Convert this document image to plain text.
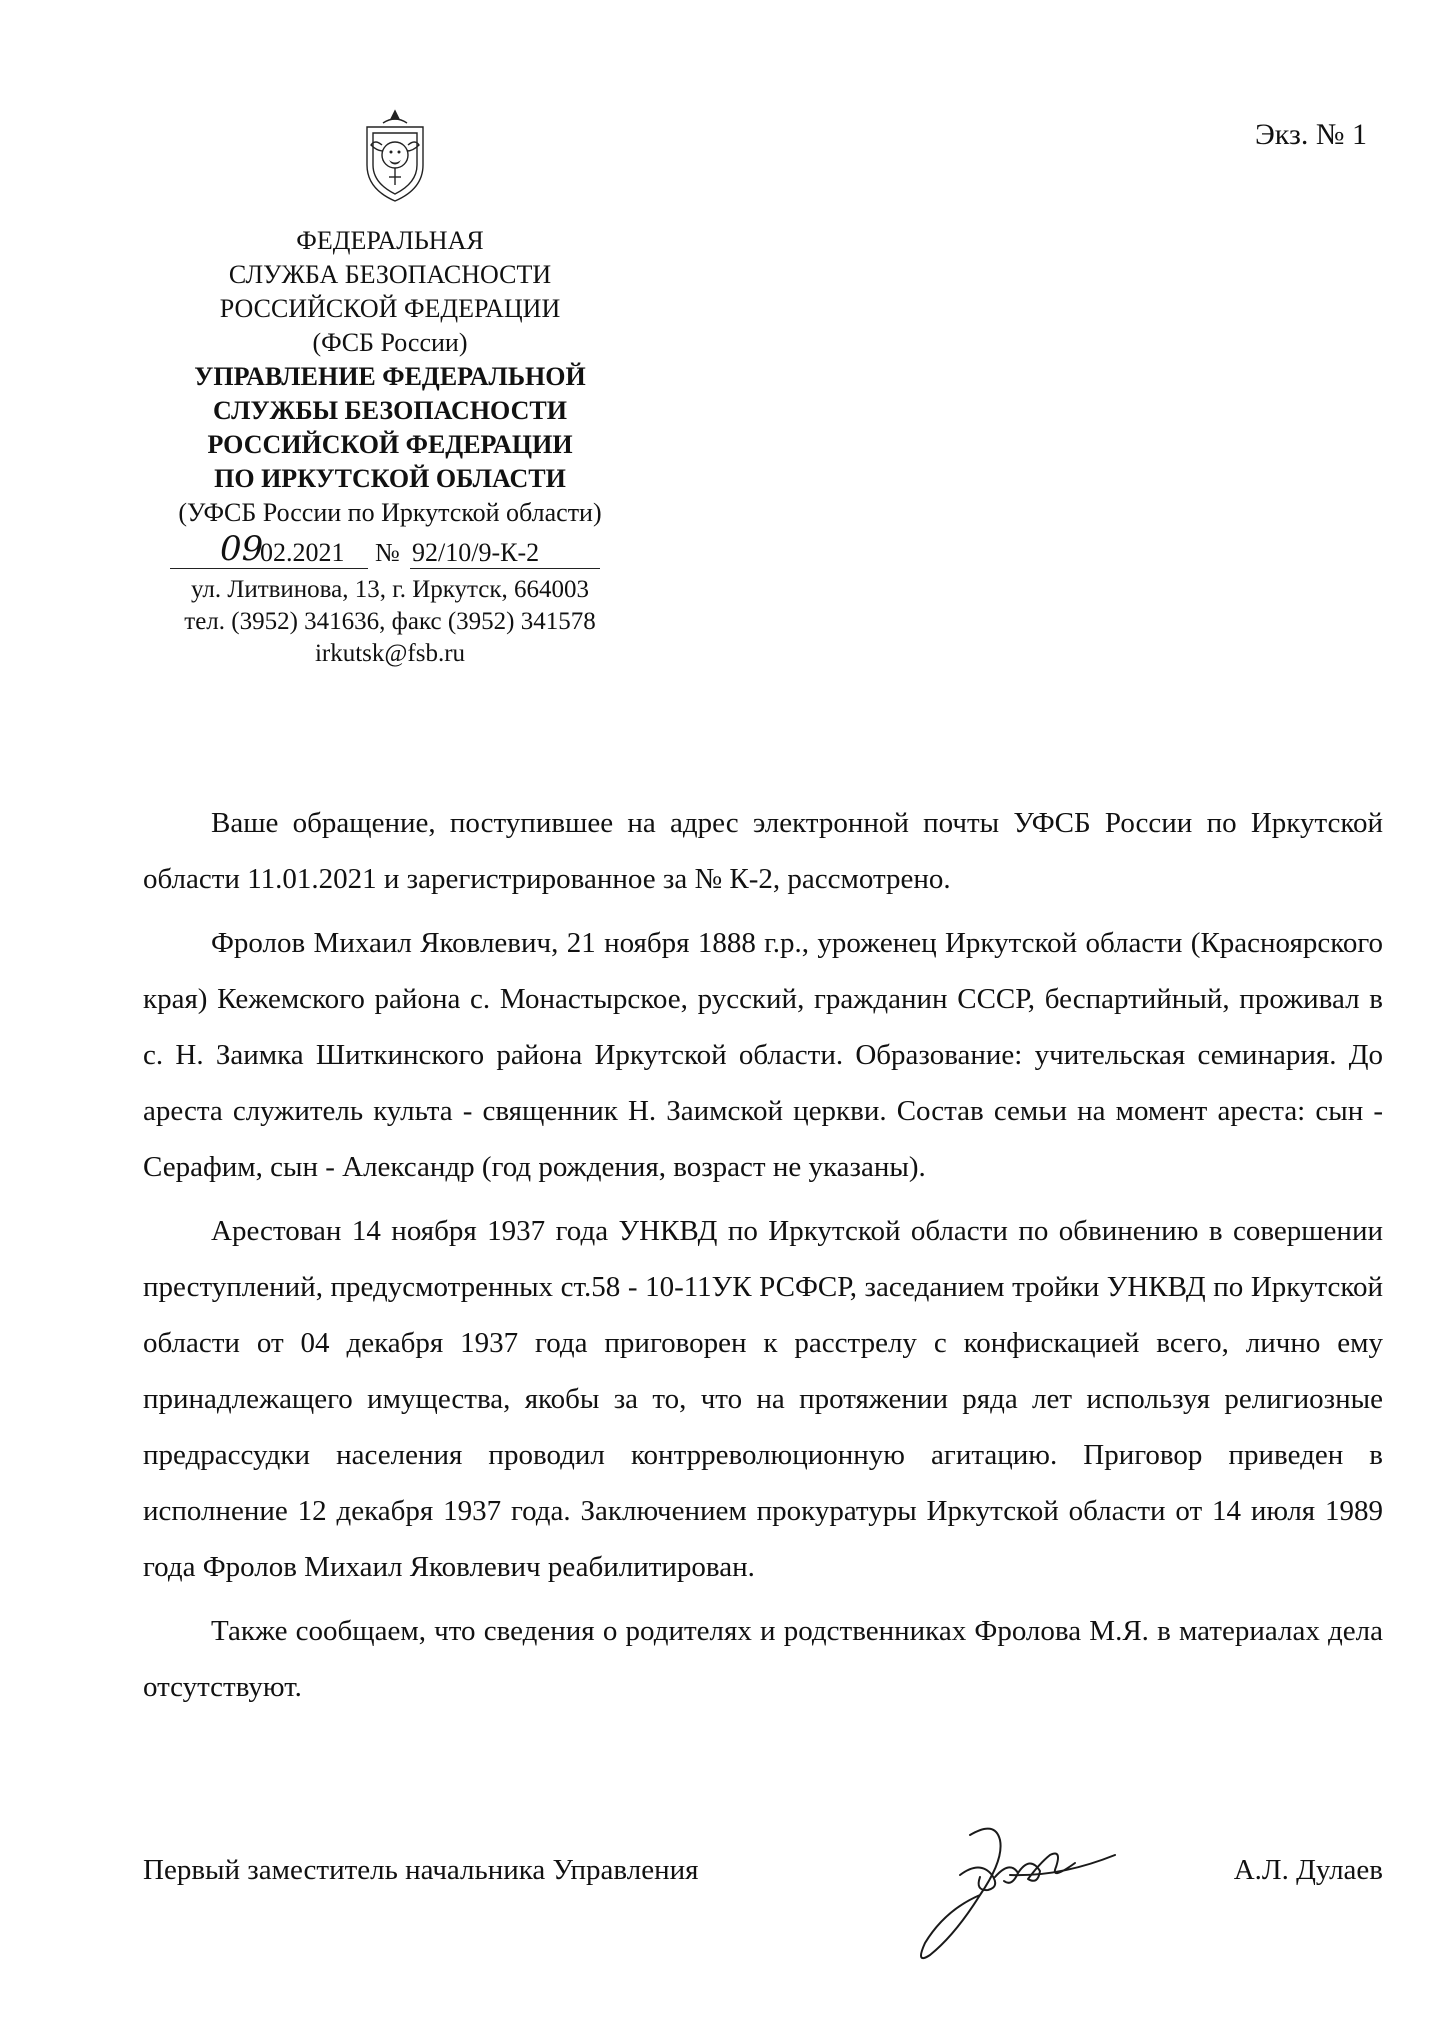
Экз. № 1
ФЕДЕРАЛЬНАЯ
СЛУЖБА БЕЗОПАСНОСТИ
РОССИЙСКОЙ ФЕДЕРАЦИИ
(ФСБ России)
УПРАВЛЕНИЕ ФЕДЕРАЛЬНОЙ
СЛУЖБЫ БЕЗОПАСНОСТИ
РОССИЙСКОЙ ФЕДЕРАЦИИ
ПО ИРКУТСКОЙ ОБЛАСТИ
(УФСБ России по Иркутской области)
09
02.2021 № 92/10/9-К-2
ул. Литвинова, 13, г. Иркутск, 664003
тел. (3952) 341636, факс (3952) 341578
irkutsk@fsb.ru

Ваше обращение, поступившее на адрес электронной почты УФСБ России по Иркутской области 11.01.2021 и зарегистрированное за № К-2, рассмотрено.

Фролов Михаил Яковлевич, 21 ноября 1888 г.р., уроженец Иркутской области (Красноярского края) Кежемского района с. Монастырское, русский, гражданин СССР, беспартийный, проживал в с. Н. Заимка Шиткинского района Иркутской области. Образование: учительская семинария. До ареста служитель культа - священник Н. Заимской церкви. Состав семьи на момент ареста: сын - Серафим, сын - Александр (год рождения, возраст не указаны).

Арестован 14 ноября 1937 года УНКВД по Иркутской области по обвинению в совершении преступлений, предусмотренных ст.58 - 10-11УК РСФСР, заседанием тройки УНКВД по Иркутской области от 04 декабря 1937 года приговорен к расстрелу с конфискацией всего, лично ему принадлежащего имущества, якобы за то, что на протяжении ряда лет используя религиозные предрассудки населения проводил контрреволюционную агитацию. Приговор приведен в исполнение 12 декабря 1937 года. Заключением прокуратуры Иркутской области от 14 июля 1989 года Фролов Михаил Яковлевич реабилитирован.

Также сообщаем, что сведения о родителях и родственниках Фролова М.Я. в материалах дела отсутствуют.

Первый заместитель начальника Управления	А.Л. Дулаев
